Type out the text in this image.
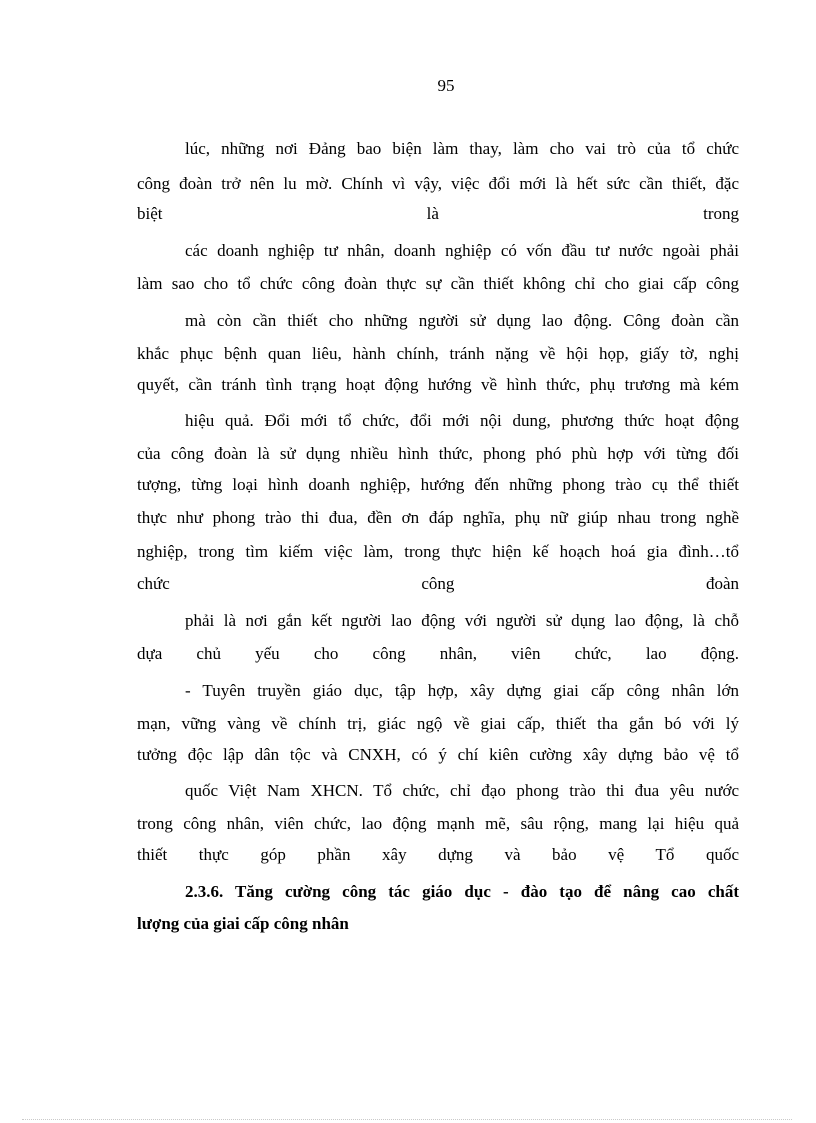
95
lúc, những nơi Đảng bao biện làm thay, làm cho vai trò của tổ chức
công đoàn trở nên lu mờ. Chính vì vậy, việc đổi mới là hết sức cần thiết, đặc
biệt là trong
các doanh nghiệp tư nhân, doanh nghiệp có vốn đầu tư nước ngoài phải
làm sao cho tổ chức công đoàn thực sự cần thiết không chỉ cho giai cấp công
mà còn cần thiết cho những người sử dụng lao động. Công đoàn cần
khắc phục bệnh quan liêu, hành chính, tránh nặng về hội họp, giấy tờ, nghị
quyết, cần tránh tình trạng hoạt động hướng về hình thức, phụ trương mà kém
hiệu quả. Đổi mới tổ chức, đổi mới nội dung, phương thức hoạt động
của công đoàn là sử dụng nhiều hình thức, phong phó phù hợp với từng đối
tượng, từng loại hình doanh nghiệp, hướng đến những phong trào cụ thể thiết
thực như phong trào thi đua, đền ơn đáp nghĩa, phụ nữ giúp nhau trong nghề
nghiệp, trong tìm kiếm việc làm, trong thực hiện kế hoạch hoá gia đình…tổ
chức công đoàn
phải là nơi gắn kết người lao động với người sử dụng lao động, là chỗ
dựa chủ yếu cho công nhân, viên chức, lao động.
- Tuyên truyền giáo dục, tập hợp, xây dựng giai cấp công nhân lớn
mạn, vững vàng về chính trị, giác ngộ về giai cấp, thiết tha gắn bó với lý
tưởng độc lập dân tộc và CNXH, có ý chí kiên cường xây dựng bảo vệ tổ
quốc Việt Nam XHCN. Tổ chức, chỉ đạo phong trào thi đua yêu nước
trong công nhân, viên chức, lao động mạnh mẽ, sâu rộng, mang lại hiệu quả
thiết thực góp phần xây dựng và bảo vệ Tổ quốc
2.3.6. Tăng cường công tác giáo dục - đào tạo để nâng cao chất
lượng của giai cấp công nhân
